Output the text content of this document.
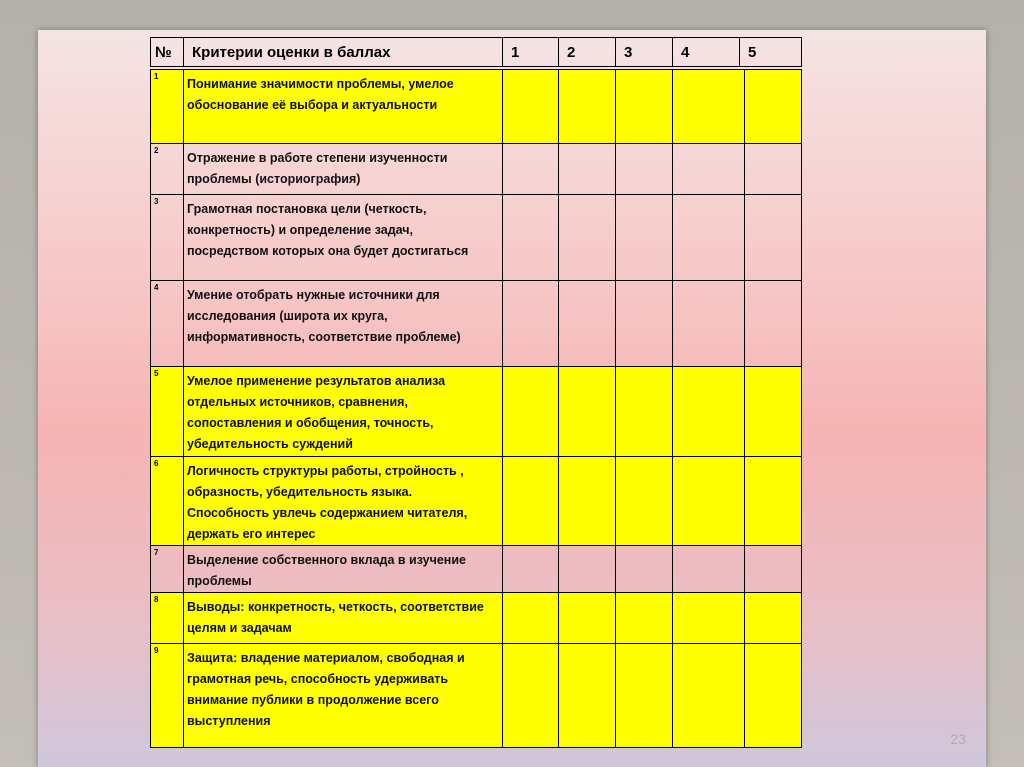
№	Критерии оценки в баллах	1	2	3	4	5
1	Понимание значимости проблемы, умелое обоснование её выбора и актуальности					
2	Отражение в работе степени изученности проблемы (историография)					
3	Грамотная постановка цели (четкость, конкретность) и определение задач, посредством которых она будет достигаться					
4	Умение отобрать нужные источники для исследования (широта их круга, информативность, соответствие проблеме)					
5	Умелое применение результатов анализа отдельных источников, сравнения, сопоставления и обобщения, точность, убедительность суждений					
6	Логичность структуры работы, стройность , образность, убедительность языка. Способность увлечь содержанием читателя, держать его интерес					
7	Выделение собственного вклада в изучение проблемы					
8	Выводы: конкретность, четкость, соответствие целям и задачам					
9	Защита: владение материалом, свободная и грамотная речь, способность удерживать внимание публики в продолжение всего выступления					
23
